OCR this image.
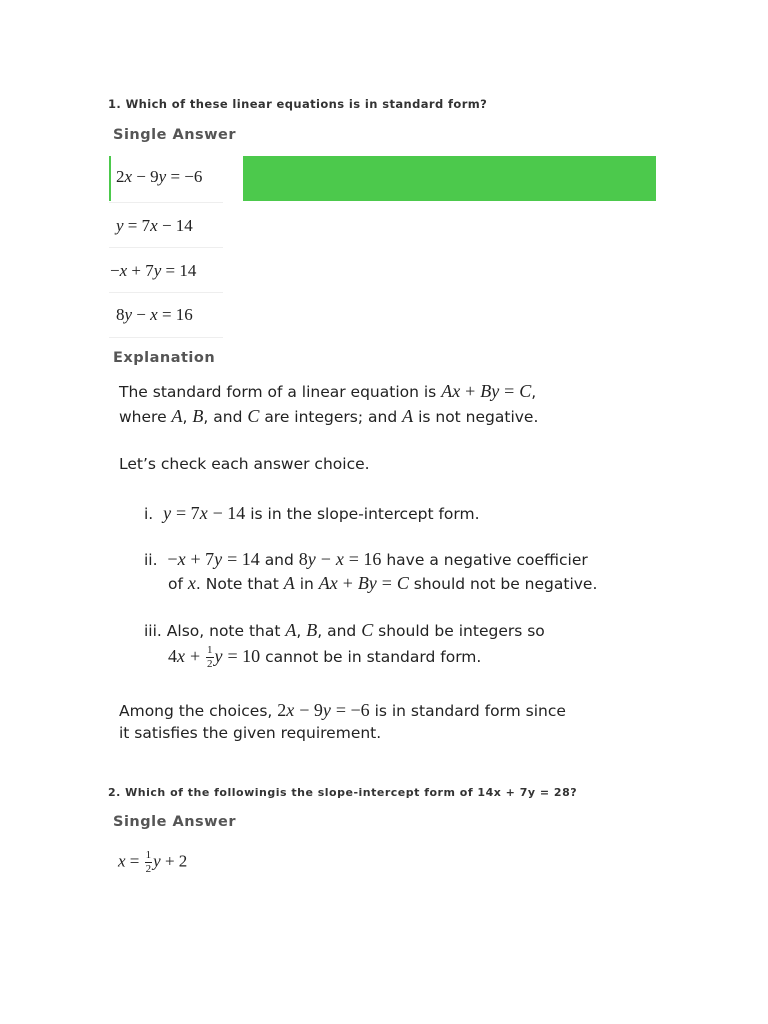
1. Which of these linear equations is in standard form?
Single Answer
2x − 9y = −6
y = 7x − 14
−x + 7y = 14
8y − x = 16
Explanation
The standard form of a linear equation is Ax + By = C,
where A, B, and C are integers; and A is not negative.
Let’s check each answer choice.
i. y = 7x − 14 is in the slope-intercept form.
ii. −x + 7y = 14 and 8y − x = 16 have a negative coefficier
of x. Note that A in Ax + By = C should not be negative.
iii. Also, note that A, B, and C should be integers so
$4x + \frac{1}{2}$ y = 10 cannot be in standard form.
Among the choices, 2x − 9y = −6 is in standard form since
it satisfies the given requirement.
2. Which of the followingis the slope-intercept form of 14x + 7y = 28?
Single Answer
$x = \frac{1}{2}$ y + 2
